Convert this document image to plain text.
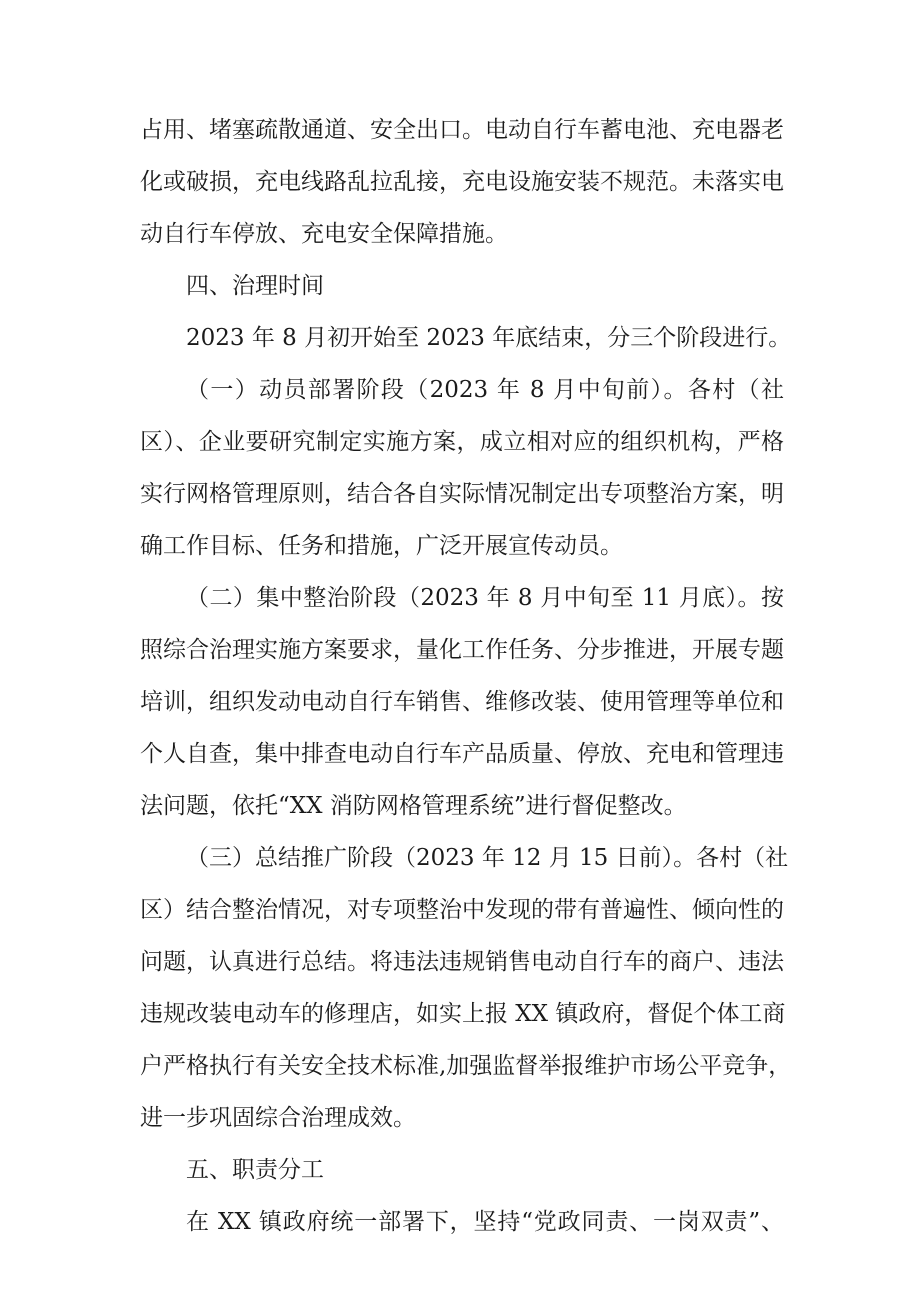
占用、堵塞疏散通道、安全出口。电动自行车蓄电池、充电器老
化或破损，充电线路乱拉乱接，充电设施安装不规范。未落实电
动自行车停放、充电安全保障措施。
四、治理时间
2023 年 8 月初开始至 2023 年底结束，分三个阶段进行。
（一）动员部署阶段（2023 年 8 月中旬前）。各村（社
区）、企业要研究制定实施方案，成立相对应的组织机构，严格
实行网格管理原则，结合各自实际情况制定出专项整治方案，明
确工作目标、任务和措施，广泛开展宣传动员。
（二）集中整治阶段（2023 年 8 月中旬至 11 月底）。按
照综合治理实施方案要求，量化工作任务、分步推进，开展专题
培训，组织发动电动自行车销售、维修改装、使用管理等单位和
个人自查，集中排查电动自行车产品质量、停放、充电和管理违
法问题，依托“XX 消防网格管理系统”进行督促整改。
（三）总结推广阶段（2023 年 12 月 15 日前）。各村（社
区）结合整治情况，对专项整治中发现的带有普遍性、倾向性的
问题，认真进行总结。将违法违规销售电动自行车的商户、违法
违规改装电动车的修理店，如实上报 XX 镇政府，督促个体工商
户严格执行有关安全技术标准,加强监督举报维护市场公平竞争，
进一步巩固综合治理成效。
五、职责分工
在 XX 镇政府统一部署下，坚持“党政同责、一岗双责”、
